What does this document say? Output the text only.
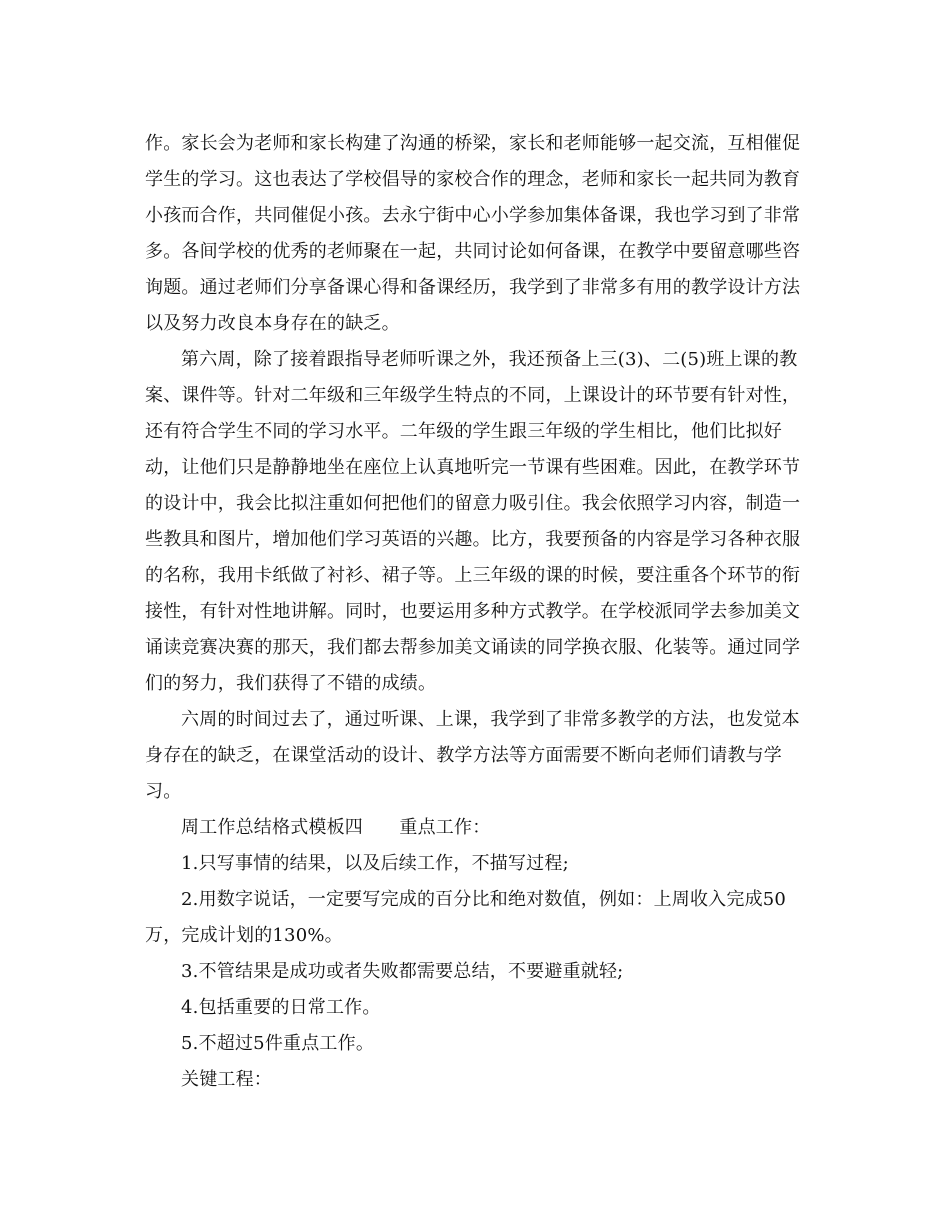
作。家长会为老师和家长构建了沟通的桥梁，家长和老师能够一起交流，互相催促学生的学习。这也表达了学校倡导的家校合作的理念，老师和家长一起共同为教育小孩而合作，共同催促小孩。去永宁街中心小学参加集体备课，我也学习到了非常多。各间学校的优秀的老师聚在一起，共同讨论如何备课，在教学中要留意哪些咨询题。通过老师们分享备课心得和备课经历，我学到了非常多有用的教学设计方法以及努力改良本身存在的缺乏。

第六周，除了接着跟指导老师听课之外，我还预备上三(3)、二(5)班上课的教案、课件等。针对二年级和三年级学生特点的不同，上课设计的环节要有针对性，还有符合学生不同的学习水平。二年级的学生跟三年级的学生相比，他们比拟好动，让他们只是静静地坐在座位上认真地听完一节课有些困难。因此，在教学环节的设计中，我会比拟注重如何把他们的留意力吸引住。我会依照学习内容，制造一些教具和图片，增加他们学习英语的兴趣。比方，我要预备的内容是学习各种衣服的名称，我用卡纸做了衬衫、裙子等。上三年级的课的时候，要注重各个环节的衔接性，有针对性地讲解。同时，也要运用多种方式教学。在学校派同学去参加美文诵读竞赛决赛的那天，我们都去帮参加美文诵读的同学换衣服、化装等。通过同学们的努力，我们获得了不错的成绩。

六周的时间过去了，通过听课、上课，我学到了非常多教学的方法，也发觉本身存在的缺乏，在课堂活动的设计、教学方法等方面需要不断向老师们请教与学习。

周工作总结格式模板四　　重点工作：

1.只写事情的结果，以及后续工作，不描写过程;

2.用数字说话，一定要写完成的百分比和绝对数值，例如：上周收入完成50万，完成计划的130%。

3.不管结果是成功或者失败都需要总结，不要避重就轻;

4.包括重要的日常工作。

5.不超过5件重点工作。

关键工程：
